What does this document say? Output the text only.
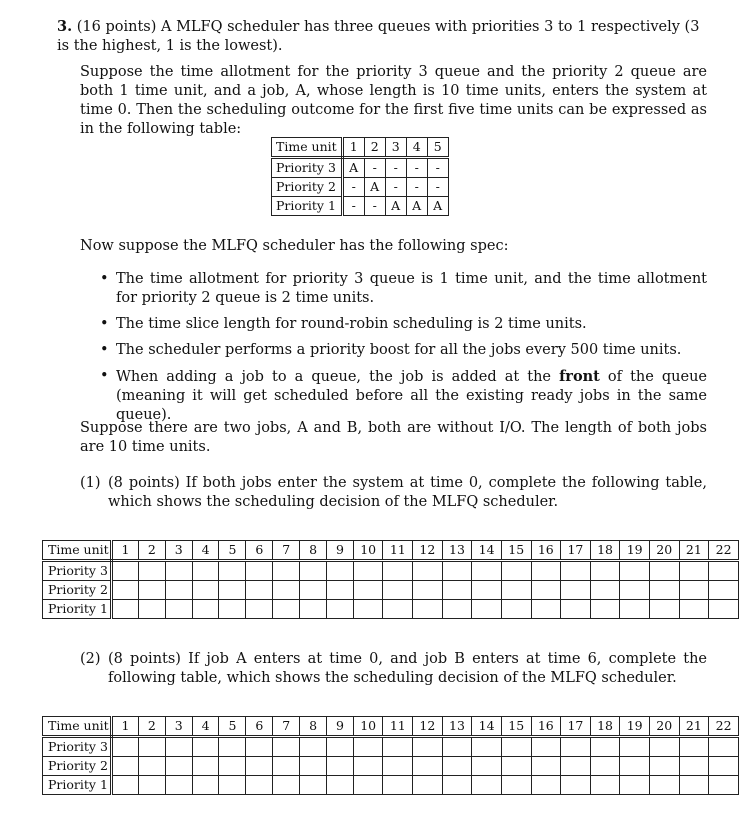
3. (16 points) A MLFQ scheduler has three queues with priorities 3 to 1 respectively (3 is the highest, 1 is the lowest).
Suppose the time allotment for the priority 3 queue and the priority 2 queue are both 1 time unit, and a job, A, whose length is 10 time units, enters the system at time 0. Then the scheduling outcome for the first five time units can be expressed as in the following table:
Time unit	1	2	3	4	5
Priority 3	A	-	-	-	-
Priority 2	-	A	-	-	-
Priority 1	-	-	A	A	A
Now suppose the MLFQ scheduler has the following spec:
• The time allotment for priority 3 queue is 1 time unit, and the time allotment for priority 2 queue is 2 time units.
• The time slice length for round-robin scheduling is 2 time units.
• The scheduler performs a priority boost for all the jobs every 500 time units.
• When adding a job to a queue, the job is added at the front of the queue (meaning it will get scheduled before all the existing ready jobs in the same queue).
Suppose there are two jobs, A and B, both are without I/O. The length of both jobs are 10 time units.
(1) (8 points) If both jobs enter the system at time 0, complete the following table, which shows the scheduling decision of the MLFQ scheduler.
Time unit	1	2	3	4	5	6	7	8	9	10	11	12	13	14	15	16	17	18	19	20	21	22
Priority 3																						
Priority 2																						
Priority 1																						
(2) (8 points) If job A enters at time 0, and job B enters at time 6, complete the following table, which shows the scheduling decision of the MLFQ scheduler.
Time unit	1	2	3	4	5	6	7	8	9	10	11	12	13	14	15	16	17	18	19	20	21	22
Priority 3																						
Priority 2																						
Priority 1																						
